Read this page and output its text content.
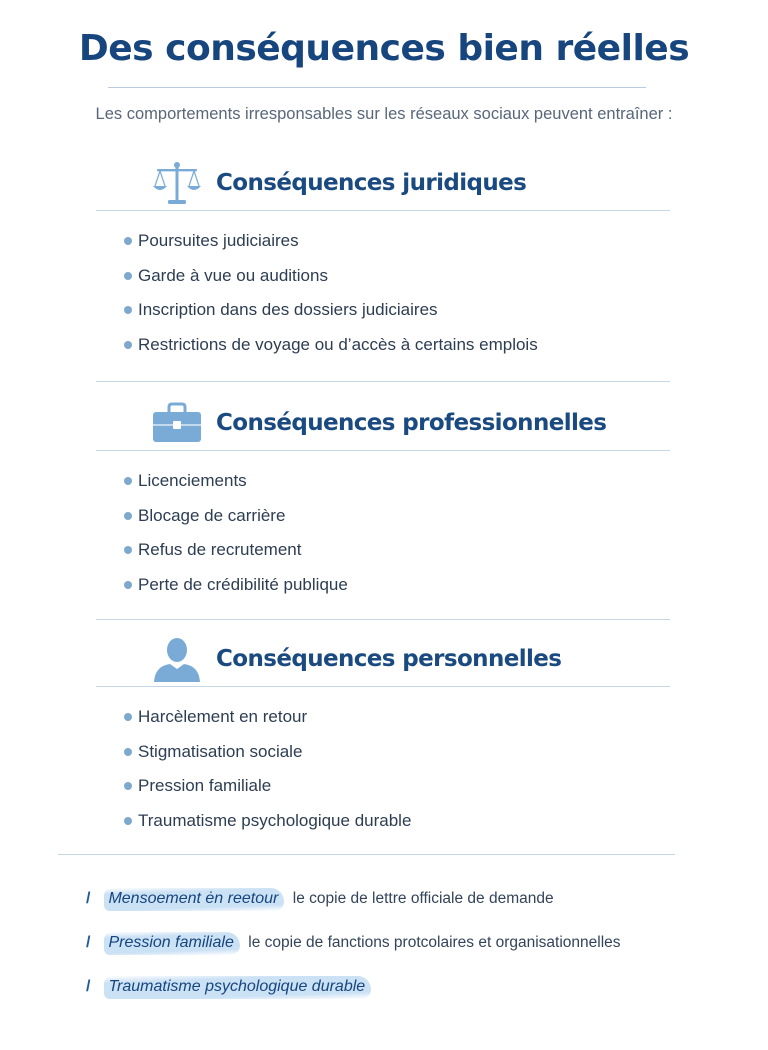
Des conséquences bien réelles
Les comportements irresponsables sur les réseaux sociaux peuvent entraîner :
Conséquences juridiques
Poursuites judiciaires
Garde à vue ou auditions
Inscription dans des dossiers judiciaires
Restrictions de voyage ou d’accès à certains emplois
Conséquences professionnelles
Licenciements
Blocage de carrière
Refus de recrutement
Perte de crédibilité publique
Conséquences personnelles
Harcèlement en retour
Stigmatisation sociale
Pression familiale
Traumatisme psychologique durable
/ Mensoement ėn reetour le copie de lettre officiale de demande
/ Pression familiale le copie de fanctions protcolaires et organisationnelles
/ Traumatisme psychologique durable
